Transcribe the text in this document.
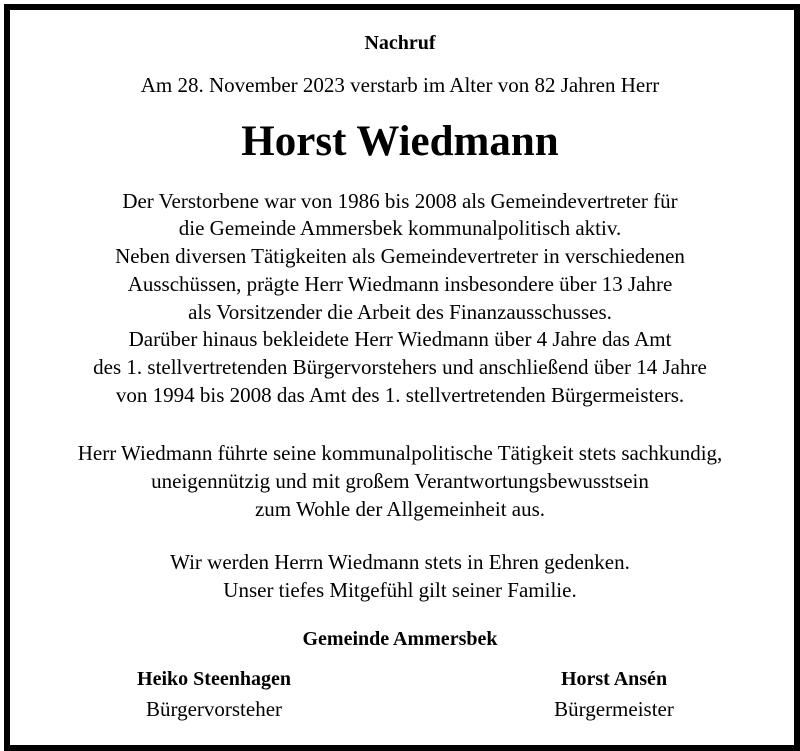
Nachruf
Am 28. November 2023 verstarb im Alter von 82 Jahren Herr
Horst Wiedmann
Der Verstorbene war von 1986 bis 2008 als Gemeindevertreter für
die Gemeinde Ammersbek kommunalpolitisch aktiv.
Neben diversen Tätigkeiten als Gemeindevertreter in verschiedenen
Ausschüssen, prägte Herr Wiedmann insbesondere über 13 Jahre
als Vorsitzender die Arbeit des Finanzausschusses.
Darüber hinaus bekleidete Herr Wiedmann über 4 Jahre das Amt
des 1. stellvertretenden Bürgervorstehers und anschließend über 14 Jahre
von 1994 bis 2008 das Amt des 1. stellvertretenden Bürgermeisters.
Herr Wiedmann führte seine kommunalpolitische Tätigkeit stets sachkundig,
uneigennützig und mit großem Verantwortungsbewusstsein
zum Wohle der Allgemeinheit aus.
Wir werden Herrn Wiedmann stets in Ehren gedenken.
Unser tiefes Mitgefühl gilt seiner Familie.
Gemeinde Ammersbek
Heiko Steenhagen
Bürgervorsteher
Horst Ansén
Bürgermeister
